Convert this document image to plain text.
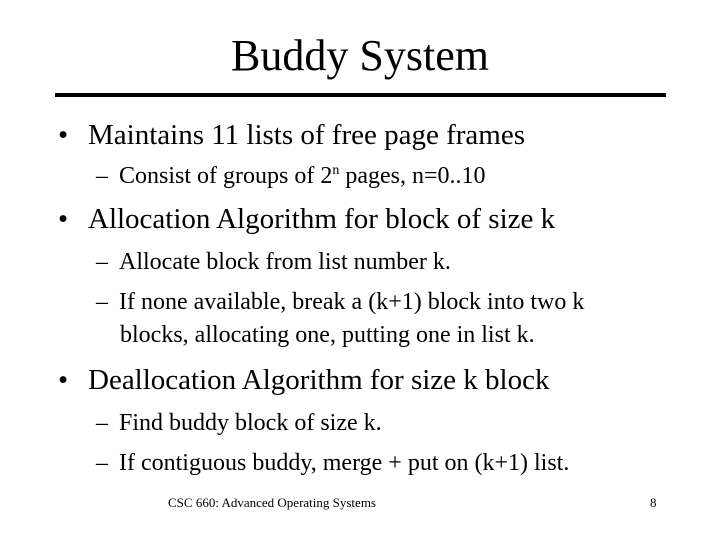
Buddy System
• Maintains 11 lists of free page frames
– Consist of groups of 2$^n$ pages, n=0..10
• Allocation Algorithm for block of size k
– Allocate block from list number k.
– If none available, break a (k+1) block into two k
blocks, allocating one, putting one in list k.
• Deallocation Algorithm for size k block
– Find buddy block of size k.
– If contiguous buddy, merge + put on (k+1) list.
CSC 660: Advanced Operating Systems	8
